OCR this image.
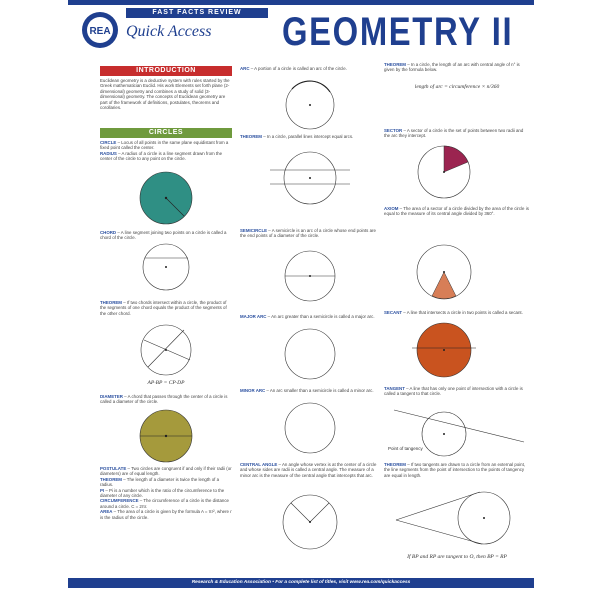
REA
FAST FACTS REVIEW
Quick Access GEOMETRY II
INTRODUCTION
Euclidean geometry is a deductive system with rules started by the Greek mathematician Euclid. His work Elements set forth plane (2-dimensional) geometry and combines a study of solid (3-dimensional) geometry. The concepts of Euclidean geometry are part of the framework of definitions, postulates, theorems and corollaries.
CIRCLES
CIRCLE – Locus of all points in the same plane equidistant from a fixed point called the center.
RADIUS – A radius of a circle is a line segment drawn from the center of the circle to any point on the circle.
CHORD – A line segment joining two points on a circle is called a chord of the circle.
THEOREM – If two chords intersect within a circle, the product of the segments of one chord equals the product of the segments of the other chord.
AP·BP = CP·DP
DIAMETER – A chord that passes through the center of a circle is called a diameter of the circle.
POSTULATE – Two circles are congruent if and only if their radii (or diameters) are of equal length.
THEOREM – The length of a diameter is twice the length of a radius.
PI – Pi is a number which is the ratio of the circumference to the diameter of any circle.
CIRCUMFERENCE – The circumference of a circle is the distance around a circle. C = 2πr.
AREA – The area of a circle is given by the formula A = πr², where r is the radius of the circle.
ARC – A portion of a circle is called an arc of the circle.
THEOREM – In a circle, parallel lines intercept equal arcs.
SEMICIRCLE – A semicircle is an arc of a circle whose end points are the end points of a diameter of the circle.
MAJOR ARC – An arc greater than a semicircle is called a major arc.
MINOR ARC – An arc smaller than a semicircle is called a minor arc.
CENTRAL ANGLE – An angle whose vertex is at the center of a circle and whose sides are radii is called a central angle. The measure of a minor arc is the measure of the central angle that intercepts that arc.
THEOREM – In a circle, the length of an arc with central angle of n° is given by the formula below.
length of arc = circumference × n/360
SECTOR – A sector of a circle is the set of points between two radii and the arc they intercept.
AXIOM – The area of a sector of a circle divided by the area of the circle is equal to the measure of its central angle divided by 360°.
SECANT – A line that intersects a circle in two points is called a secant.
TANGENT – A line that has only one point of intersection with a circle is called a tangent to that circle.
Point of tangency
THEOREM – If two tangents are drawn to a circle from an external point, the line segments from the point of intersection to the points of tangency are equal in length.
If BP and RP are tangent to O, then BP = RP
Research & Education Association • For a complete list of titles, visit www.rea.com/quickaccess
